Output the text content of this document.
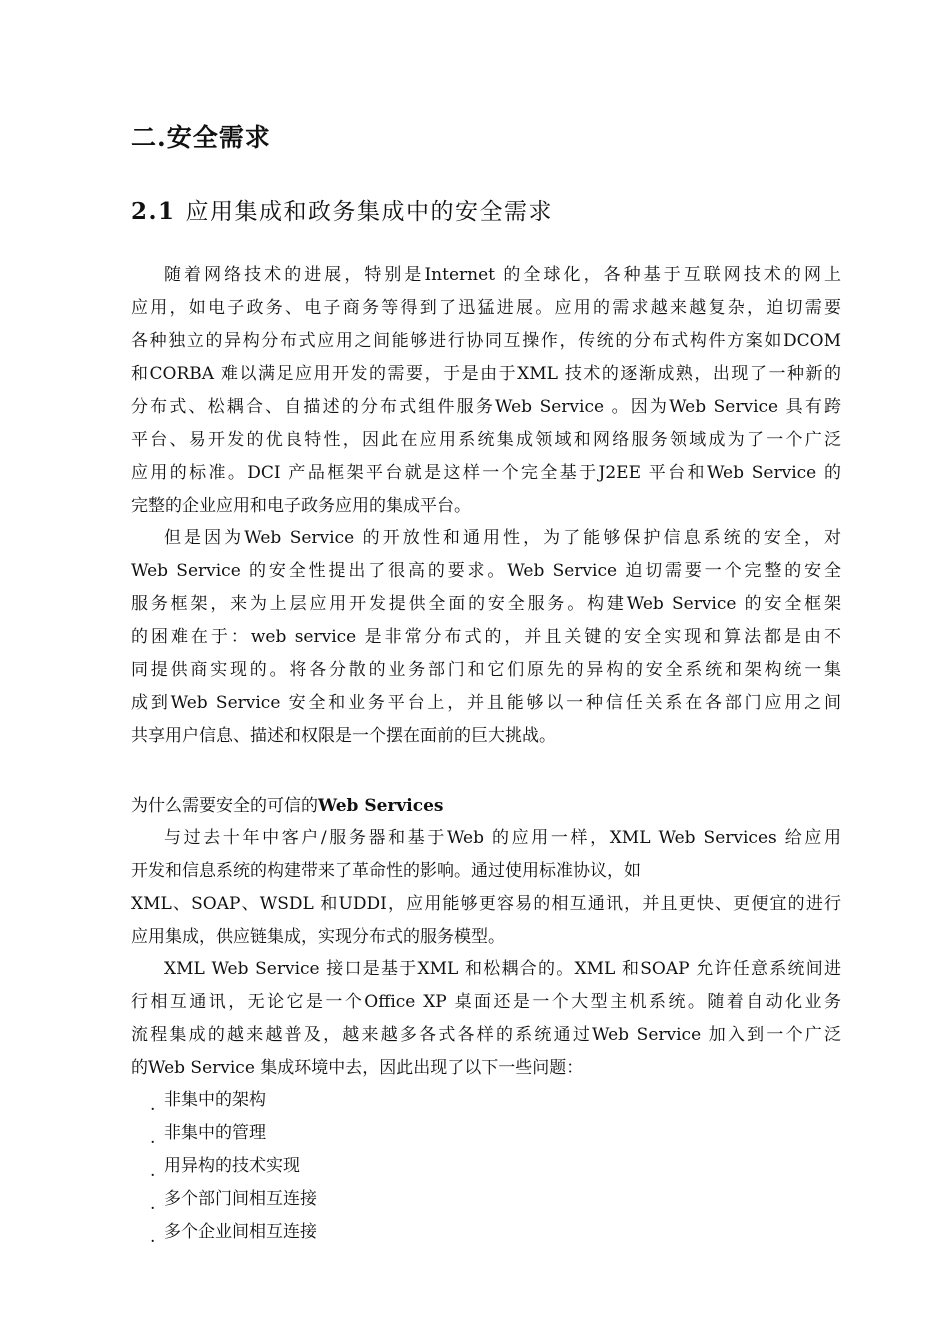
二.安全需求
2.1 应用集成和政务集成中的安全需求
随着网络技术的进展，特别是Internet 的全球化，各种基于互联网技术的网上
应用，如电子政务、电子商务等得到了迅猛进展。应用的需求越来越复杂，迫切需要
各种独立的异构分布式应用之间能够进行协同互操作，传统的分布式构件方案如DCOM
和CORBA 难以满足应用开发的需要，于是由于XML 技术的逐渐成熟，出现了一种新的
分布式、松耦合、自描述的分布式组件服务Web Service 。因为Web Service 具有跨
平台、易开发的优良特性，因此在应用系统集成领域和网络服务领域成为了一个广泛
应用的标准。DCI 产品框架平台就是这样一个完全基于J2EE 平台和Web Service 的
完整的企业应用和电子政务应用的集成平台。
但是因为Web Service 的开放性和通用性，为了能够保护信息系统的安全，对
Web Service 的安全性提出了很高的要求。Web Service 迫切需要一个完整的安全
服务框架，来为上层应用开发提供全面的安全服务。构建Web Service 的安全框架
的困难在于：web service 是非常分布式的，并且关键的安全实现和算法都是由不
同提供商实现的。将各分散的业务部门和它们原先的异构的安全系统和架构统一集
成到Web Service 安全和业务平台上，并且能够以一种信任关系在各部门应用之间
共享用户信息、描述和权限是一个摆在面前的巨大挑战。
为什么需要安全的可信的Web Services
与过去十年中客户/服务器和基于Web 的应用一样，XML Web Services 给应用
开发和信息系统的构建带来了革命性的影响。通过使用标准协议，如
XML、SOAP、WSDL 和UDDI，应用能够更容易的相互通讯，并且更快、更便宜的进行
应用集成，供应链集成，实现分布式的服务模型。
XML Web Service 接口是基于XML 和松耦合的。XML 和SOAP 允许任意系统间进
行相互通讯，无论它是一个Office XP 桌面还是一个大型主机系统。随着自动化业务
流程集成的越来越普及，越来越多各式各样的系统通过Web Service 加入到一个广泛
的Web Service 集成环境中去，因此出现了以下一些问题：
. 非集中的架构
. 非集中的管理
. 用异构的技术实现
. 多个部门间相互连接
. 多个企业间相互连接
